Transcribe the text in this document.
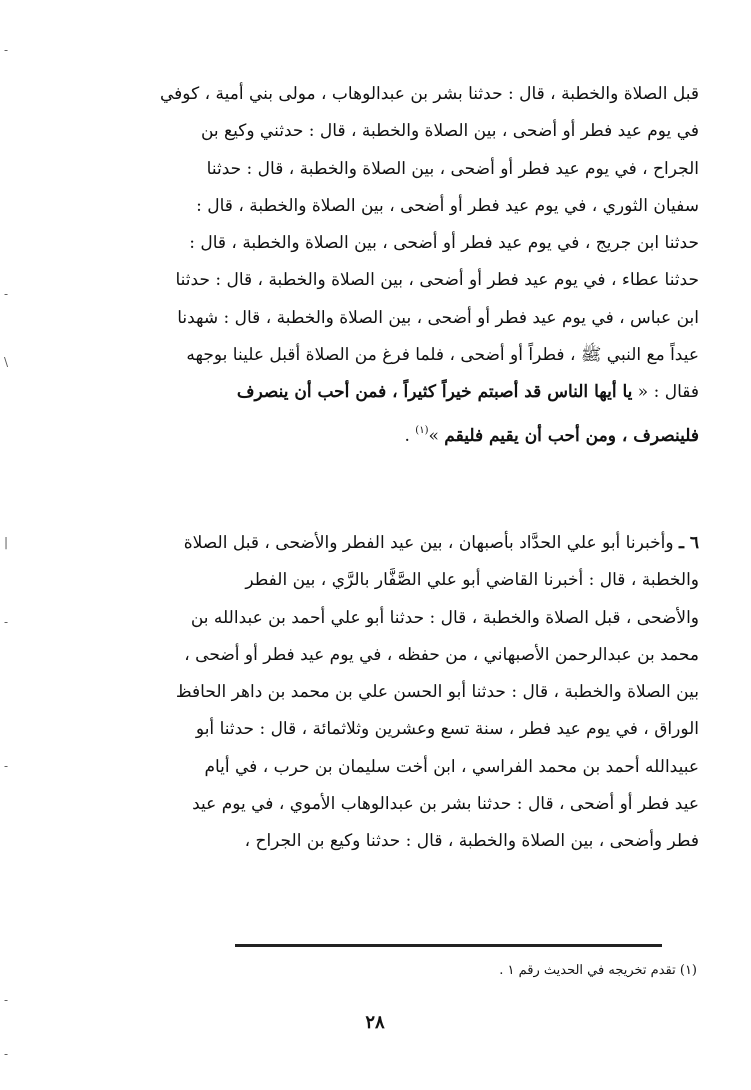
قبل الصلاة والخطبة ، قال : حدثنا بشر بن عبدالوهاب ، مولى بني أمية ، كوفي
في يوم عيد فطر أو أضحى ، بين الصلاة والخطبة ، قال : حدثني وكيع بن
الجراح ، في يوم عيد فطر أو أضحى ، بين الصلاة والخطبة ، قال : حدثنا
سفيان الثوري ، في يوم عيد فطر أو أضحى ، بين الصلاة والخطبة ، قال :
حدثنا ابن جريج ، في يوم عيد فطر أو أضحى ، بين الصلاة والخطبة ، قال :
حدثنا عطاء ، في يوم عيد فطر أو أضحى ، بين الصلاة والخطبة ، قال : حدثنا
ابن عباس ، في يوم عيد فطر أو أضحى ، بين الصلاة والخطبة ، قال : شهدنا
عيداً مع النبي ﷺ ، فطراً أو أضحى ، فلما فرغ من الصلاة أقبل علينا بوجهه
فقال : « يا أيها الناس قد أصبتم خيراً كثيراً ، فمن أحب أن ينصرف
فلينصرف ، ومن أحب أن يقيم فليقم »$^{(١)}$ .
٦ ـ وأخبرنا أبو علي الحدَّاد بأصبهان ، بين عيد الفطر والأضحى ، قبل الصلاة
والخطبة ، قال : أخبرنا القاضي أبو علي الصَّفَّار بالرَّي ، بين الفطر
والأضحى ، قبل الصلاة والخطبة ، قال : حدثنا أبو علي أحمد بن عبدالله بن
محمد بن عبدالرحمن الأصبهاني ، من حفظه ، في يوم عيد فطر أو أضحى ،
بين الصلاة والخطبة ، قال : حدثنا أبو الحسن علي بن محمد بن داهر الحافظ
الوراق ، في يوم عيد فطر ، سنة تسع وعشرين وثلاثمائة ، قال : حدثنا أبو
عبيدالله أحمد بن محمد الفراسي ، ابن أخت سليمان بن حرب ، في أيام
عيد فطر أو أضحى ، قال : حدثنا بشر بن عبدالوهاب الأموي ، في يوم عيد
فطر وأضحى ، بين الصلاة والخطبة ، قال : حدثنا وكيع بن الجراح ،
(١) تقدم تخريجه في الحديث رقم ١ .
٢٨
-
-
\
|
-
-
-
-
